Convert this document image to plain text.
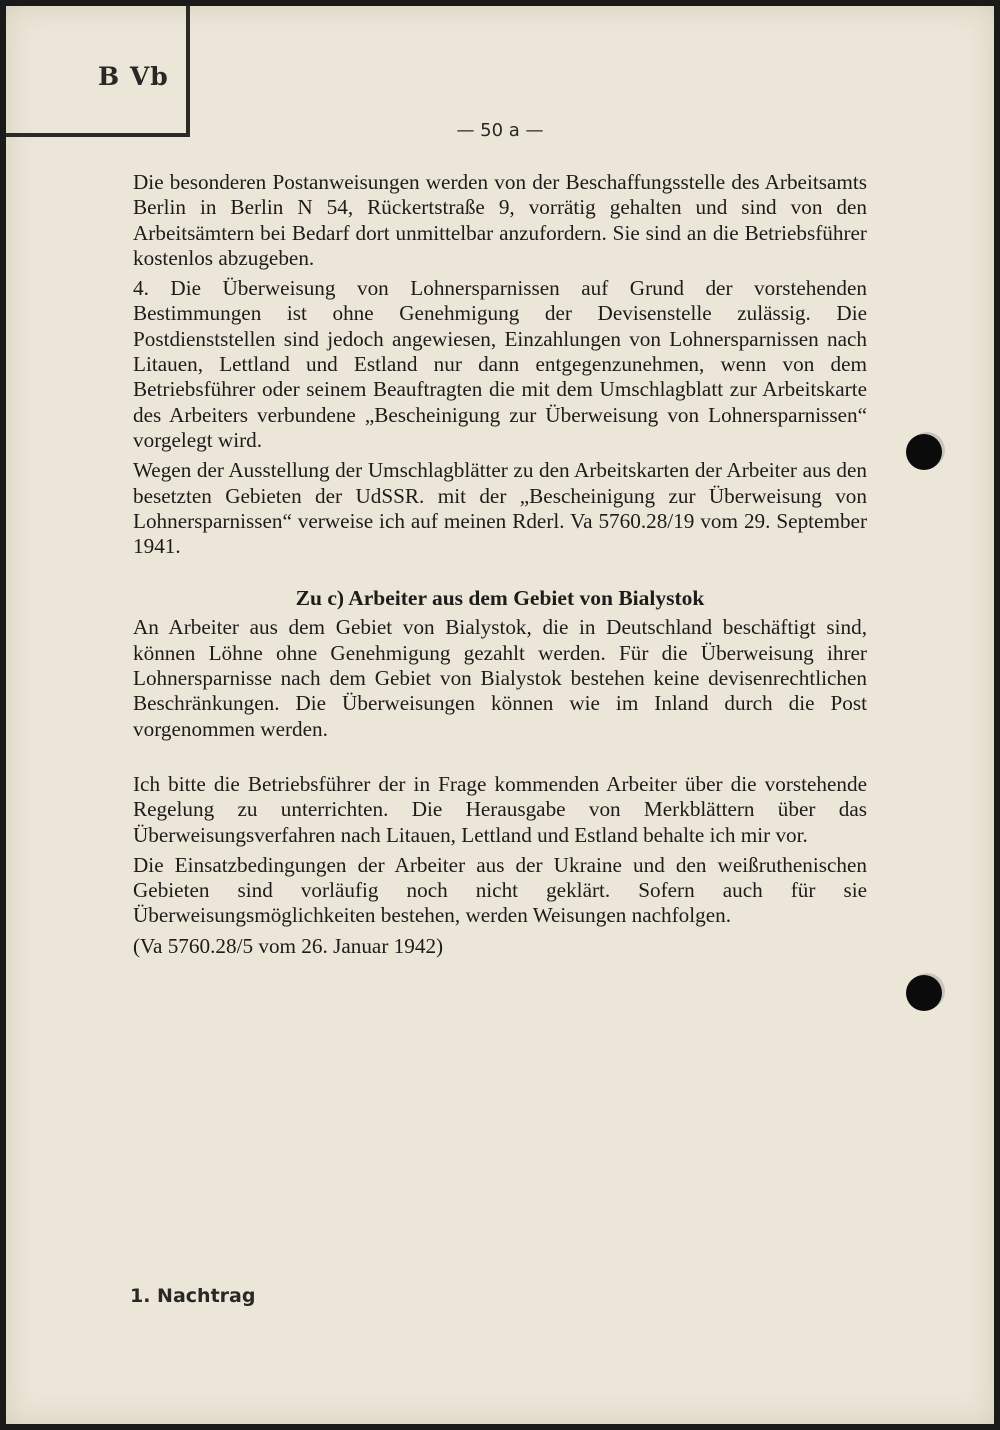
B Vb
— 50 a —

Die besonderen Postanweisungen werden von der Beschaffungsstelle des Arbeitsamts Berlin in Berlin N 54, Rückertstraße 9, vorrätig gehalten und sind von den Arbeitsämtern bei Bedarf dort unmittelbar anzufordern. Sie sind an die Betriebsführer kostenlos abzugeben.

4. Die Überweisung von Lohnersparnissen auf Grund der vorstehenden Bestimmungen ist ohne Genehmigung der Devisenstelle zulässig. Die Postdienststellen sind jedoch angewiesen, Einzahlungen von Lohnersparnissen nach Litauen, Lettland und Estland nur dann entgegenzunehmen, wenn von dem Betriebsführer oder seinem Beauftragten die mit dem Umschlagblatt zur Arbeitskarte des Arbeiters verbundene „Bescheinigung zur Überweisung von Lohnersparnissen“ vorgelegt wird.

Wegen der Ausstellung der Umschlagblätter zu den Arbeitskarten der Arbeiter aus den besetzten Gebieten der UdSSR. mit der „Bescheinigung zur Überweisung von Lohnersparnissen“ verweise ich auf meinen Rderl. Va 5760.28/19 vom 29. September 1941.

Zu c) Arbeiter aus dem Gebiet von Bialystok

An Arbeiter aus dem Gebiet von Bialystok, die in Deutschland beschäftigt sind, können Löhne ohne Genehmigung gezahlt werden. Für die Überweisung ihrer Lohnersparnisse nach dem Gebiet von Bialystok bestehen keine devisenrechtlichen Beschränkungen. Die Überweisungen können wie im Inland durch die Post vorgenommen werden.

Ich bitte die Betriebsführer der in Frage kommenden Arbeiter über die vorstehende Regelung zu unterrichten. Die Herausgabe von Merkblättern über das Überweisungsverfahren nach Litauen, Lettland und Estland behalte ich mir vor.

Die Einsatzbedingungen der Arbeiter aus der Ukraine und den weißruthenischen Gebieten sind vorläufig noch nicht geklärt. Sofern auch für sie Überweisungsmöglichkeiten bestehen, werden Weisungen nachfolgen.

(Va 5760.28/5 vom 26. Januar 1942)

1. Nachtrag
